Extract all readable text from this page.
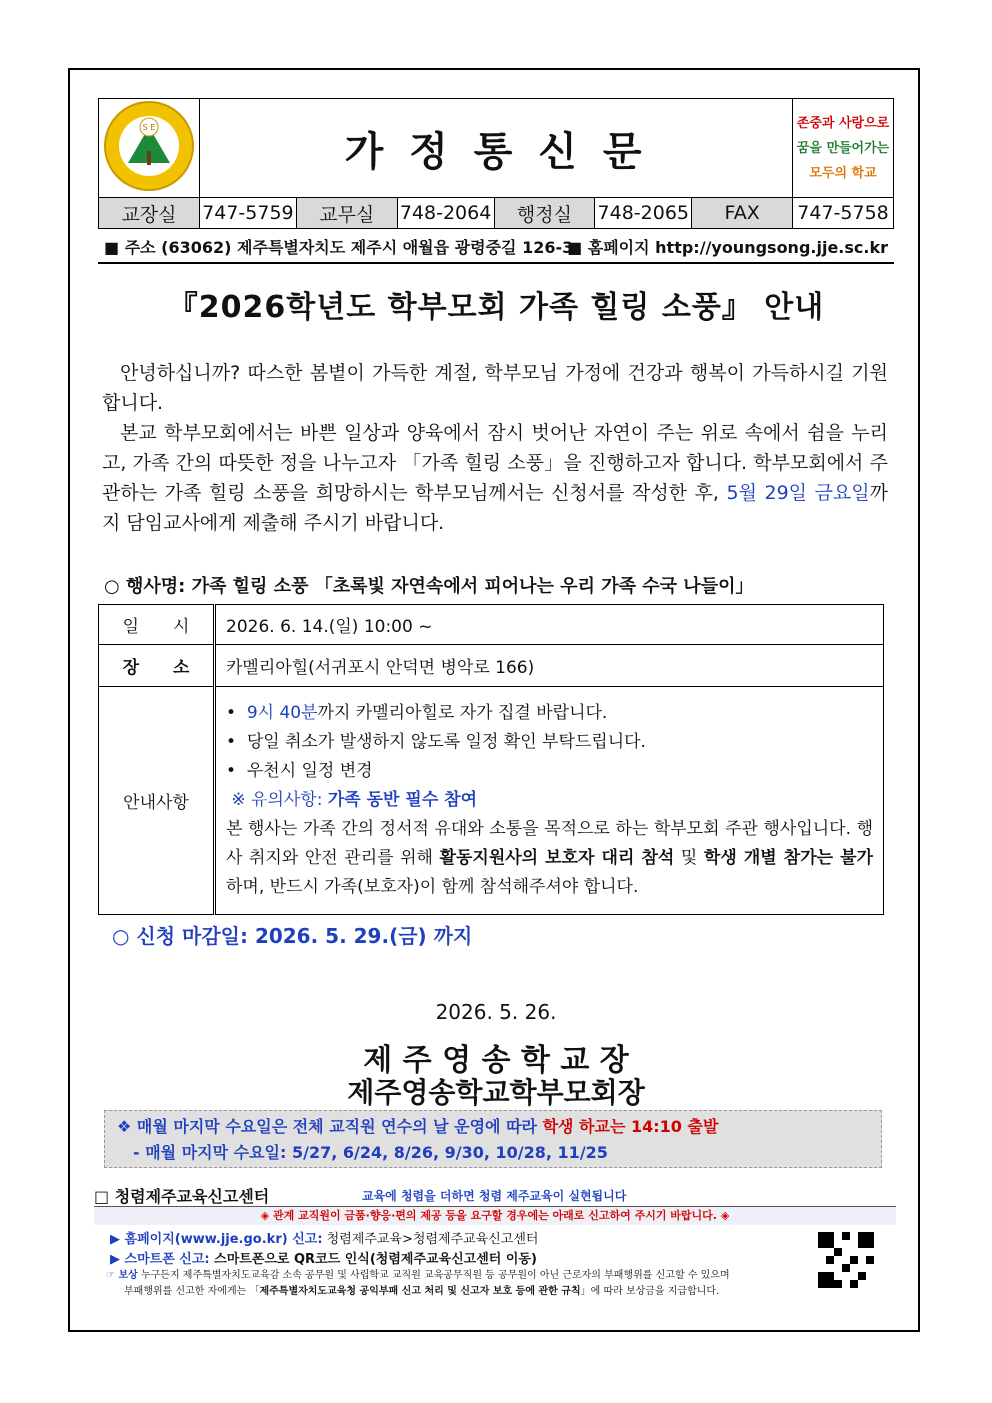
S E	가 정 통 신 문						존중과 사랑으로
꿈을 만들어가는
모두의 학교

교장실	747-5759	교무실	748-2064	행정실	748-2065	FAX	747-5758
■ 주소 (63062) 제주특별자치도 제주시 애월읍 광령중길 126-3
■ 홈페이지 http://youngsong.jje.sc.kr
『2026학년도 학부모회 가족 힐링 소풍』 안내
안녕하십니까? 따스한 봄볕이 가득한 계절, 학부모님 가정에 건강과 행복이 가득하시길 기원합니다.
본교 학부모회에서는 바쁜 일상과 양육에서 잠시 벗어난 자연이 주는 위로 속에서 쉼을 누리고, 가족 간의 따뜻한 정을 나누고자 「가족 힐링 소풍」을 진행하고자 합니다. 학부모회에서 주관하는 가족 힐링 소풍을 희망하시는 학부모님께서는 신청서를 작성한 후, 5월 29일 금요일까지 담임교사에게 제출해 주시기 바랍니다.
○ 행사명: 가족 힐링 소풍 「초록빛 자연속에서 피어나는 우리 가족 수국 나들이」
일　　시	2026. 6. 14.(일) 10:00 ~
장　　소	카멜리아힐(서귀포시 안덕면 병악로 166)
안내사항	•  9시 40분까지 카멜리아힐로 자가 집결 바랍니다.
•  당일 취소가 발생하지 않도록 일정 확인 부탁드립니다.
•  우천시 일정 변경
※ 유의사항: 가족 동반 필수 참여
본 행사는 가족 간의 정서적 유대와 소통을 목적으로 하는 학부모회 주관 행사입니다. 행사 취지와 안전 관리를 위해 활동지원사의 보호자 대리 참석 및 학생 개별 참가는 불가하며, 반드시 가족(보호자)이 함께 참석해주셔야 합니다.
○ 신청 마감일: 2026. 5. 29.(금) 까지
2026. 5. 26.
제 주 영 송 학 교 장
제주영송학교학부모회장
❖ 매월 마지막 수요일은 전체 교직원 연수의 날 운영에 따라 학생 하교는 14:10 출발
- 매월 마지막 수요일: 5/27, 6/24, 8/26, 9/30, 10/28, 11/25
□ 청렴제주교육신고센터	교육에 청렴을 더하면 청렴 제주교육이 실현됩니다
◈ 관계 교직원이 금품·향응·편의 제공 등을 요구할 경우에는 아래로 신고하여 주시기 바랍니다. ◈
▶ 홈페이지(www.jje.go.kr) 신고: 청렴제주교육>청렴제주교육신고센터
▶ 스마트폰 신고: 스마트폰으로 QR코드 인식(청렴제주교육신고센터 이동)
☞ 보상 누구든지 제주특별자치도교육감 소속 공무원 및 사립학교 교직원 교육공무직원 등 공무원이 아닌 근로자의 부패행위를 신고할 수 있으며
부패행위를 신고한 자에게는 「제주특별자치도교육청 공익부패 신고 처리 및 신고자 보호 등에 관한 규칙」에 따라 보상금을 지급합니다.
